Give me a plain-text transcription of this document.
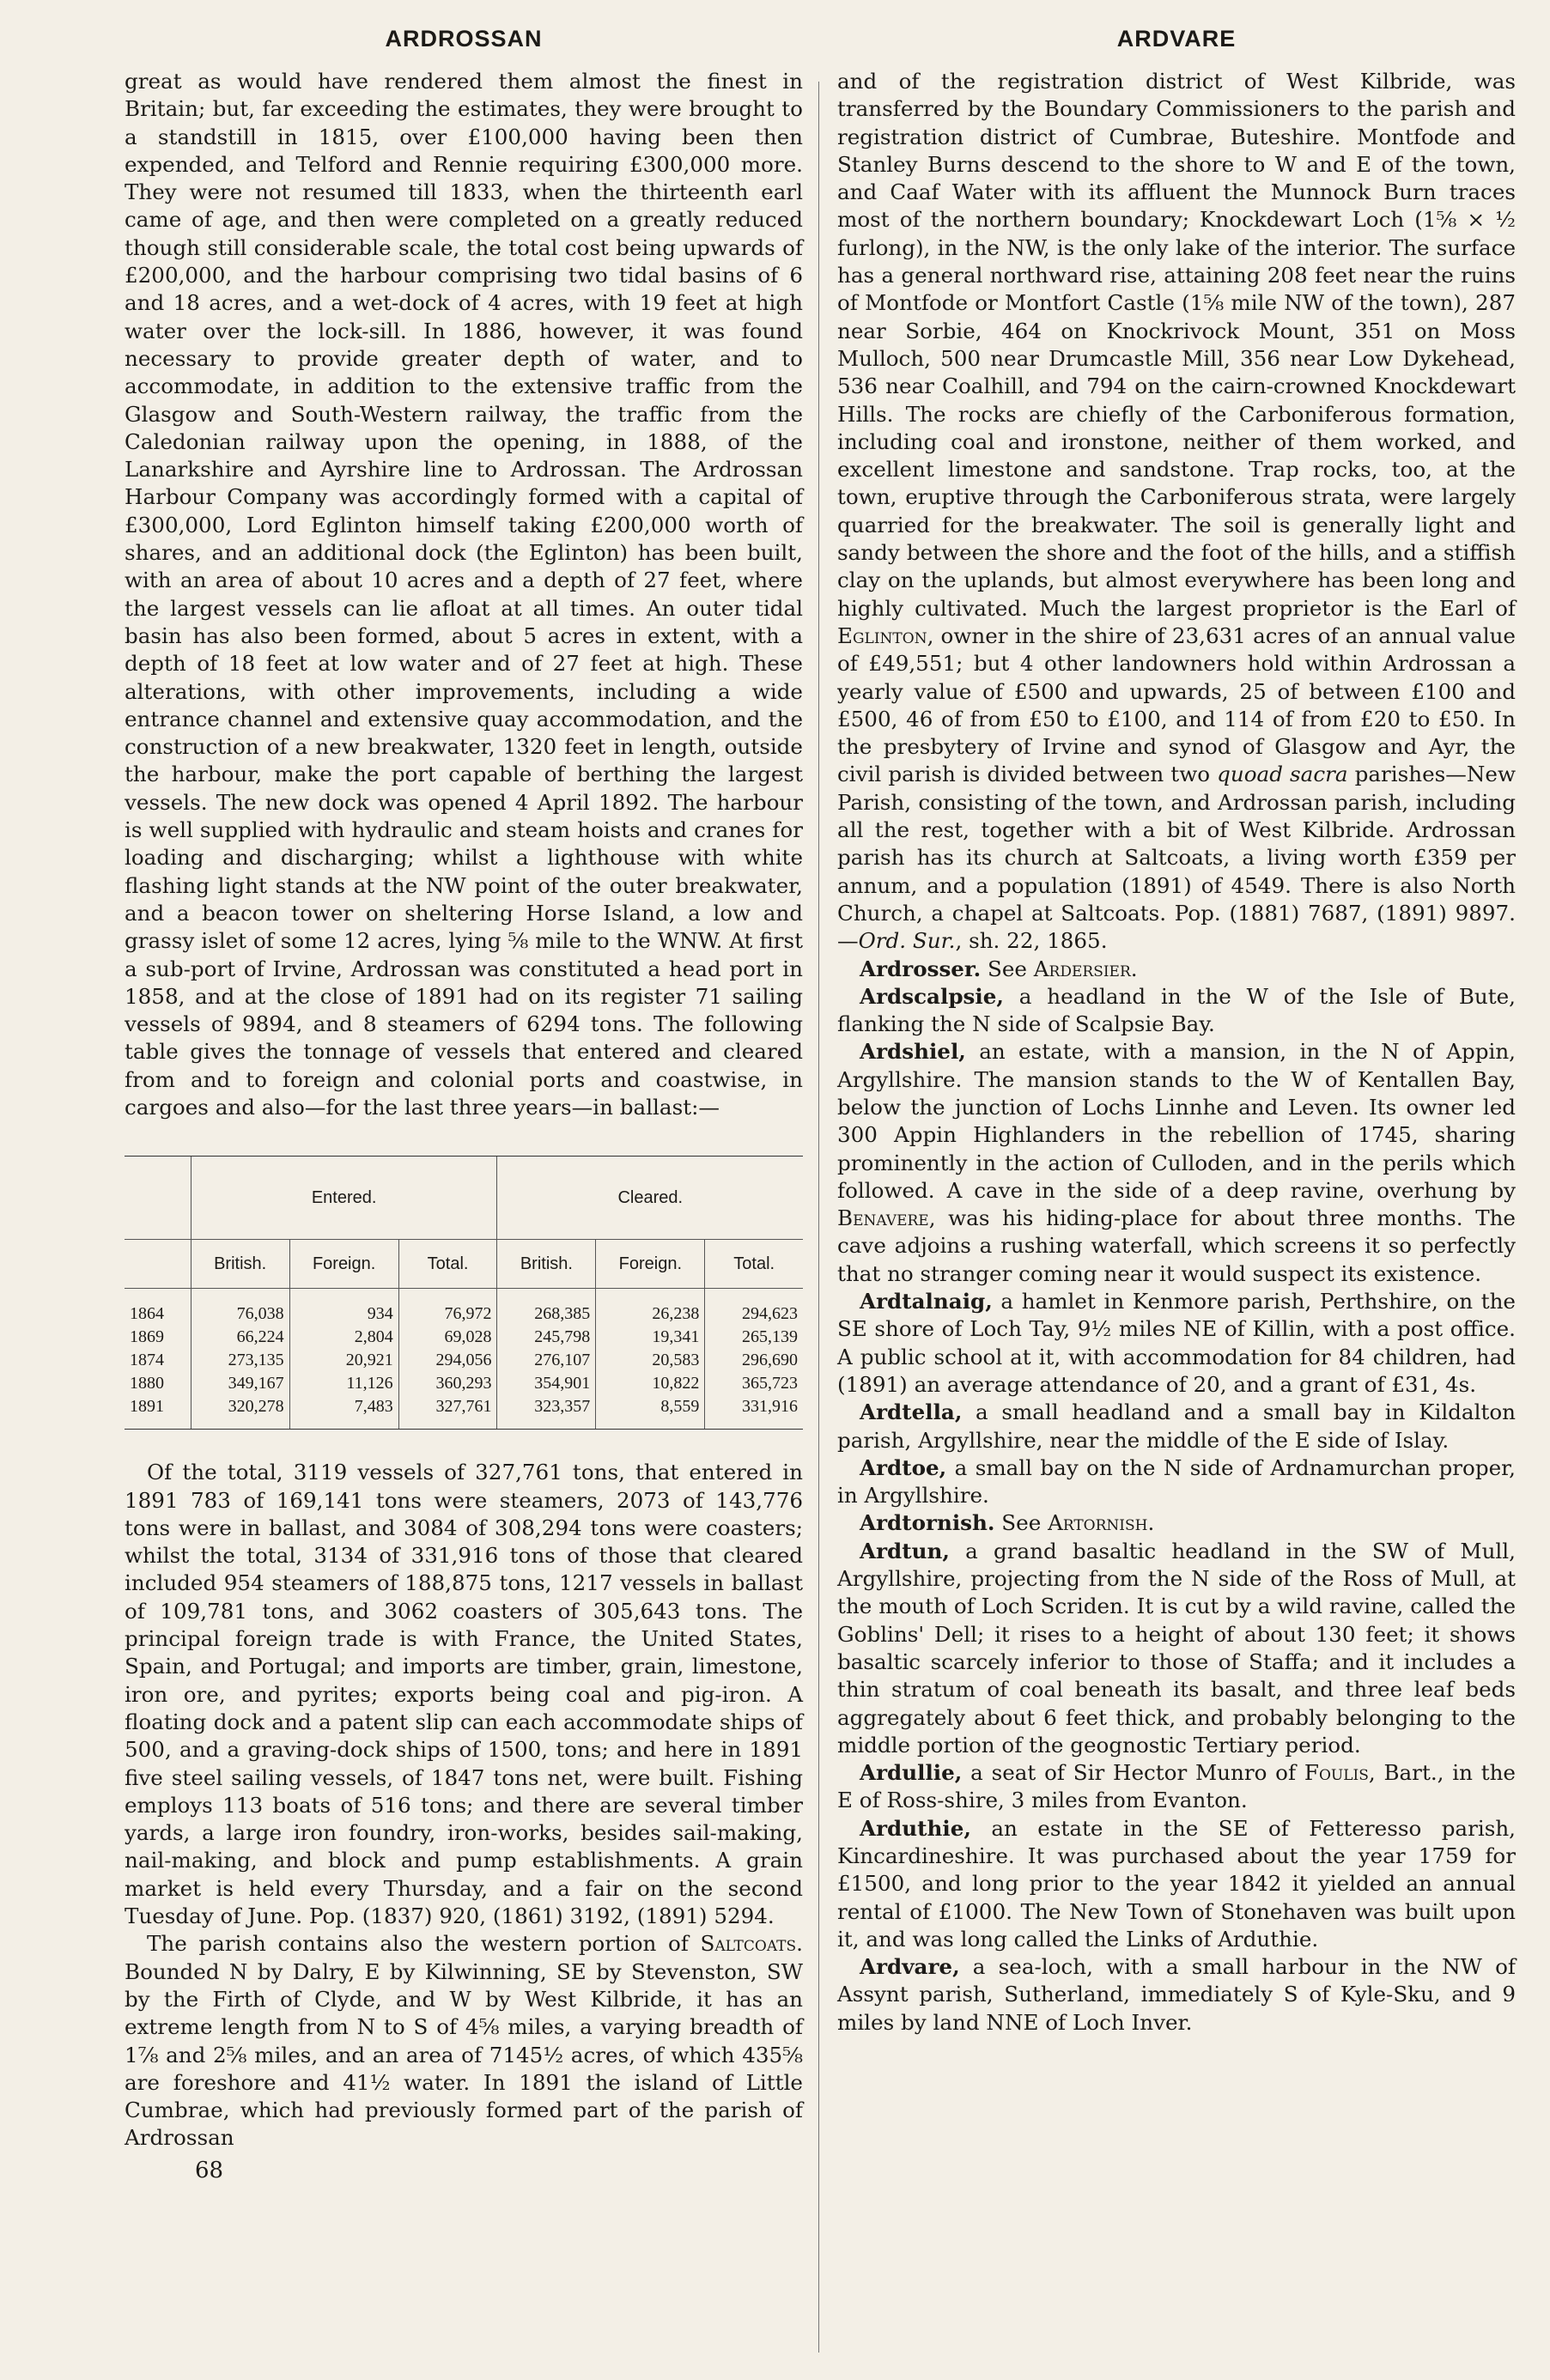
ARDROSSAN

great as would have rendered them almost the finest in Britain; but, far exceeding the estimates, they were brought to a standstill in 1815, over £100,000 having been then expended, and Telford and Rennie requiring £300,000 more. They were not resumed till 1833, when the thirteenth earl came of age, and then were completed on a greatly reduced though still considerable scale, the total cost being upwards of £200,000, and the harbour comprising two tidal basins of 6 and 18 acres, and a wet-dock of 4 acres, with 19 feet at high water over the lock-sill. In 1886, however, it was found necessary to provide greater depth of water, and to accommodate, in addition to the extensive traffic from the Glasgow and South-Western railway, the traffic from the Caledonian railway upon the opening, in 1888, of the Lanarkshire and Ayrshire line to Ardrossan. The Ardrossan Harbour Company was accordingly formed with a capital of £300,000, Lord Eglinton himself taking £200,000 worth of shares, and an additional dock (the Eglinton) has been built, with an area of about 10 acres and a depth of 27 feet, where the largest vessels can lie afloat at all times. An outer tidal basin has also been formed, about 5 acres in extent, with a depth of 18 feet at low water and of 27 feet at high. These alterations, with other improvements, including a wide entrance channel and extensive quay accommodation, and the construction of a new breakwater, 1320 feet in length, outside the harbour, make the port capable of berthing the largest vessels. The new dock was opened 4 April 1892. The harbour is well supplied with hydraulic and steam hoists and cranes for loading and discharging; whilst a lighthouse with white flashing light stands at the NW point of the outer breakwater, and a beacon tower on sheltering Horse Island, a low and grassy islet of some 12 acres, lying ⅝ mile to the WNW. At first a sub-port of Irvine, Ardrossan was constituted a head port in 1858, and at the close of 1891 had on its register 71 sailing vessels of 9894, and 8 steamers of 6294 tons. The following table gives the tonnage of vessels that entered and cleared from and to foreign and colonial ports and coastwise, in cargoes and also—for the last three years—in ballast:—

	Entered.			Cleared.		
	British.	Foreign.	Total.	British.	Foreign.	Total.
1864	76,038	934	76,972	268,385	26,238	294,623
1869	66,224	2,804	69,028	245,798	19,341	265,139
1874	273,135	20,921	294,056	276,107	20,583	296,690
1880	349,167	11,126	360,293	354,901	10,822	365,723
1891	320,278	7,483	327,761	323,357	8,559	331,916

Of the total, 3119 vessels of 327,761 tons, that entered in 1891 783 of 169,141 tons were steamers, 2073 of 143,776 tons were in ballast, and 3084 of 308,294 tons were coasters; whilst the total, 3134 of 331,916 tons of those that cleared included 954 steamers of 188,875 tons, 1217 vessels in ballast of 109,781 tons, and 3062 coasters of 305,643 tons. The principal foreign trade is with France, the United States, Spain, and Portugal; and imports are timber, grain, limestone, iron ore, and pyrites; exports being coal and pig-iron. A floating dock and a patent slip can each accommodate ships of 500, and a graving-dock ships of 1500, tons; and here in 1891 five steel sailing vessels, of 1847 tons net, were built. Fishing employs 113 boats of 516 tons; and there are several timber yards, a large iron foundry, iron-works, besides sail-making, nail-making, and block and pump establishments. A grain market is held every Thursday, and a fair on the second Tuesday of June. Pop. (1837) 920, (1861) 3192, (1891) 5294.

The parish contains also the western portion of Saltcoats. Bounded N by Dalry, E by Kilwinning, SE by Stevenston, SW by the Firth of Clyde, and W by West Kilbride, it has an extreme length from N to S of 4⅝ miles, a varying breadth of 1⅞ and 2⅝ miles, and an area of 7145½ acres, of which 435⅝ are foreshore and 41½ water. In 1891 the island of Little Cumbrae, which had previously formed part of the parish of Ardrossan

68
ARDVARE

and of the registration district of West Kilbride, was transferred by the Boundary Commissioners to the parish and registration district of Cumbrae, Buteshire. Montfode and Stanley Burns descend to the shore to W and E of the town, and Caaf Water with its affluent the Munnock Burn traces most of the northern boundary; Knockdewart Loch (1⅝ × ½ furlong), in the NW, is the only lake of the interior. The surface has a general northward rise, attaining 208 feet near the ruins of Montfode or Montfort Castle (1⅝ mile NW of the town), 287 near Sorbie, 464 on Knockrivock Mount, 351 on Moss Mulloch, 500 near Drumcastle Mill, 356 near Low Dykehead, 536 near Coalhill, and 794 on the cairn-crowned Knockdewart Hills. The rocks are chiefly of the Carboniferous formation, including coal and ironstone, neither of them worked, and excellent limestone and sandstone. Trap rocks, too, at the town, eruptive through the Carboniferous strata, were largely quarried for the breakwater. The soil is generally light and sandy between the shore and the foot of the hills, and a stiffish clay on the uplands, but almost everywhere has been long and highly cultivated. Much the largest proprietor is the Earl of Eglinton, owner in the shire of 23,631 acres of an annual value of £49,551; but 4 other landowners hold within Ardrossan a yearly value of £500 and upwards, 25 of between £100 and £500, 46 of from £50 to £100, and 114 of from £20 to £50. In the presbytery of Irvine and synod of Glasgow and Ayr, the civil parish is divided between two quoad sacra parishes—New Parish, consisting of the town, and Ardrossan parish, including all the rest, together with a bit of West Kilbride. Ardrossan parish has its church at Saltcoats, a living worth £359 per annum, and a population (1891) of 4549. There is also North Church, a chapel at Saltcoats. Pop. (1881) 7687, (1891) 9897. —Ord. Sur., sh. 22, 1865.

Ardrosser. See Ardersier.

Ardscalpsie, a headland in the W of the Isle of Bute, flanking the N side of Scalpsie Bay.

Ardshiel, an estate, with a mansion, in the N of Appin, Argyllshire. The mansion stands to the W of Kentallen Bay, below the junction of Lochs Linnhe and Leven. Its owner led 300 Appin Highlanders in the rebellion of 1745, sharing prominently in the action of Culloden, and in the perils which followed. A cave in the side of a deep ravine, overhung by Benavere, was his hiding-place for about three months. The cave adjoins a rushing waterfall, which screens it so perfectly that no stranger coming near it would suspect its existence.

Ardtalnaig, a hamlet in Kenmore parish, Perthshire, on the SE shore of Loch Tay, 9½ miles NE of Killin, with a post office. A public school at it, with accommodation for 84 children, had (1891) an average attendance of 20, and a grant of £31, 4s.

Ardtella, a small headland and a small bay in Kildalton parish, Argyllshire, near the middle of the E side of Islay.

Ardtoe, a small bay on the N side of Ardnamurchan proper, in Argyllshire.

Ardtornish. See Artornish.

Ardtun, a grand basaltic headland in the SW of Mull, Argyllshire, projecting from the N side of the Ross of Mull, at the mouth of Loch Scriden. It is cut by a wild ravine, called the Goblins' Dell; it rises to a height of about 130 feet; it shows basaltic scarcely inferior to those of Staffa; and it includes a thin stratum of coal beneath its basalt, and three leaf beds aggregately about 6 feet thick, and probably belonging to the middle portion of the geognostic Tertiary period.

Ardullie, a seat of Sir Hector Munro of Foulis, Bart., in the E of Ross-shire, 3 miles from Evanton.

Arduthie, an estate in the SE of Fetteresso parish, Kincardineshire. It was purchased about the year 1759 for £1500, and long prior to the year 1842 it yielded an annual rental of £1000. The New Town of Stonehaven was built upon it, and was long called the Links of Arduthie.

Ardvare, a sea-loch, with a small harbour in the NW of Assynt parish, Sutherland, immediately S of Kyle-Sku, and 9 miles by land NNE of Loch Inver.
